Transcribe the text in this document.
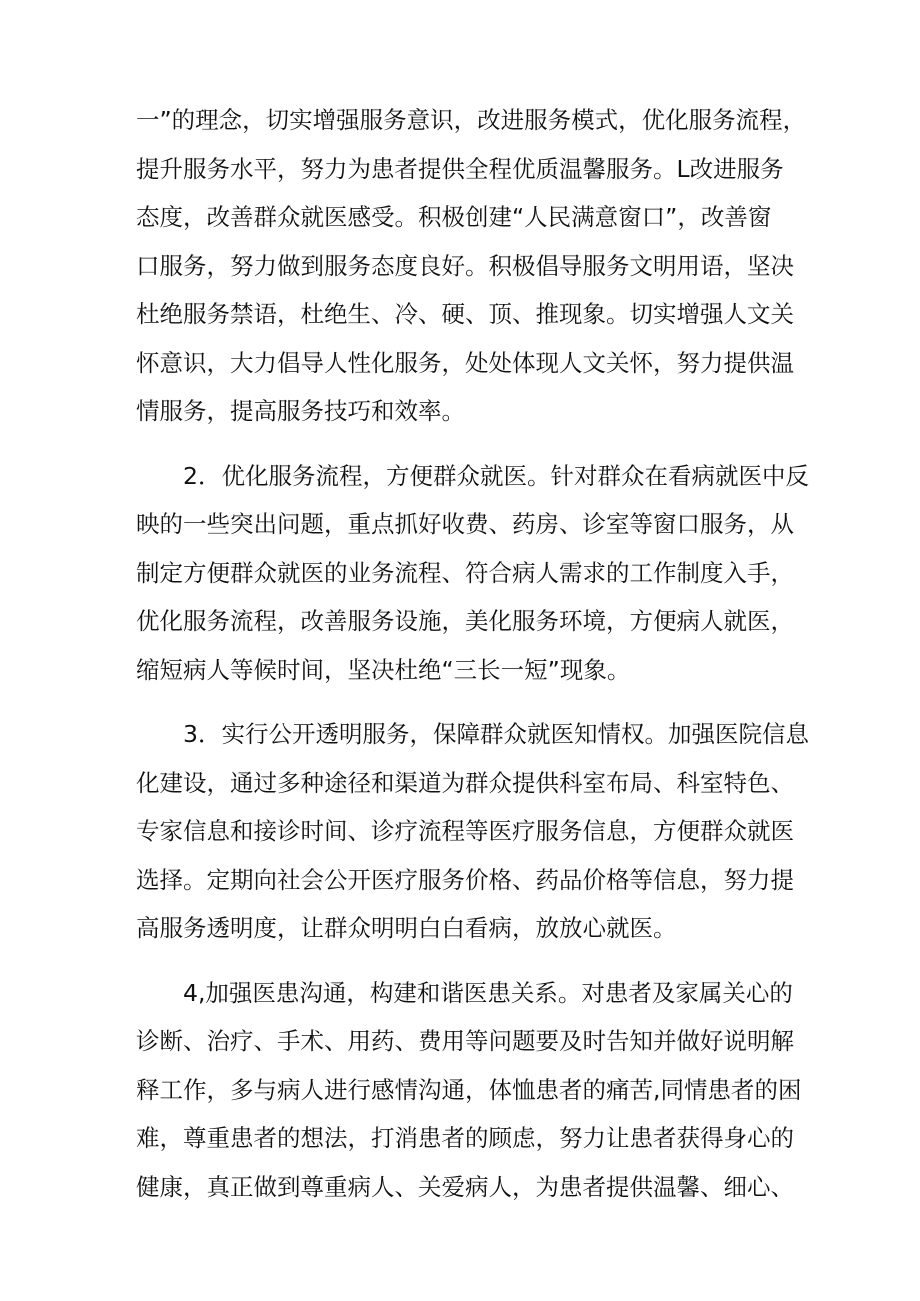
一”的理念，切实增强服务意识，改进服务模式，优化服务流程，
提升服务水平，努力为患者提供全程优质温馨服务。L改进服务
态度，改善群众就医感受。积极创建“人民满意窗口”，改善窗
口服务，努力做到服务态度良好。积极倡导服务文明用语，坚决
杜绝服务禁语，杜绝生、冷、硬、顶、推现象。切实增强人文关
怀意识，大力倡导人性化服务，处处体现人文关怀，努力提供温
情服务，提高服务技巧和效率。
2．优化服务流程，方便群众就医。针对群众在看病就医中反
映的一些突出问题，重点抓好收费、药房、诊室等窗口服务，从
制定方便群众就医的业务流程、符合病人需求的工作制度入手，
优化服务流程，改善服务设施，美化服务环境，方便病人就医，
缩短病人等候时间，坚决杜绝“三长一短”现象。
3．实行公开透明服务，保障群众就医知情权。加强医院信息
化建设，通过多种途径和渠道为群众提供科室布局、科室特色、
专家信息和接诊时间、诊疗流程等医疗服务信息，方便群众就医
选择。定期向社会公开医疗服务价格、药品价格等信息，努力提
高服务透明度，让群众明明白白看病，放放心就医。
4,加强医患沟通，构建和谐医患关系。对患者及家属关心的
诊断、治疗、手术、用药、费用等问题要及时告知并做好说明解
释工作，多与病人进行感情沟通，体恤患者的痛苦,同情患者的困
难，尊重患者的想法，打消患者的顾虑，努力让患者获得身心的
健康，真正做到尊重病人、关爱病人，为患者提供温馨、细心、
